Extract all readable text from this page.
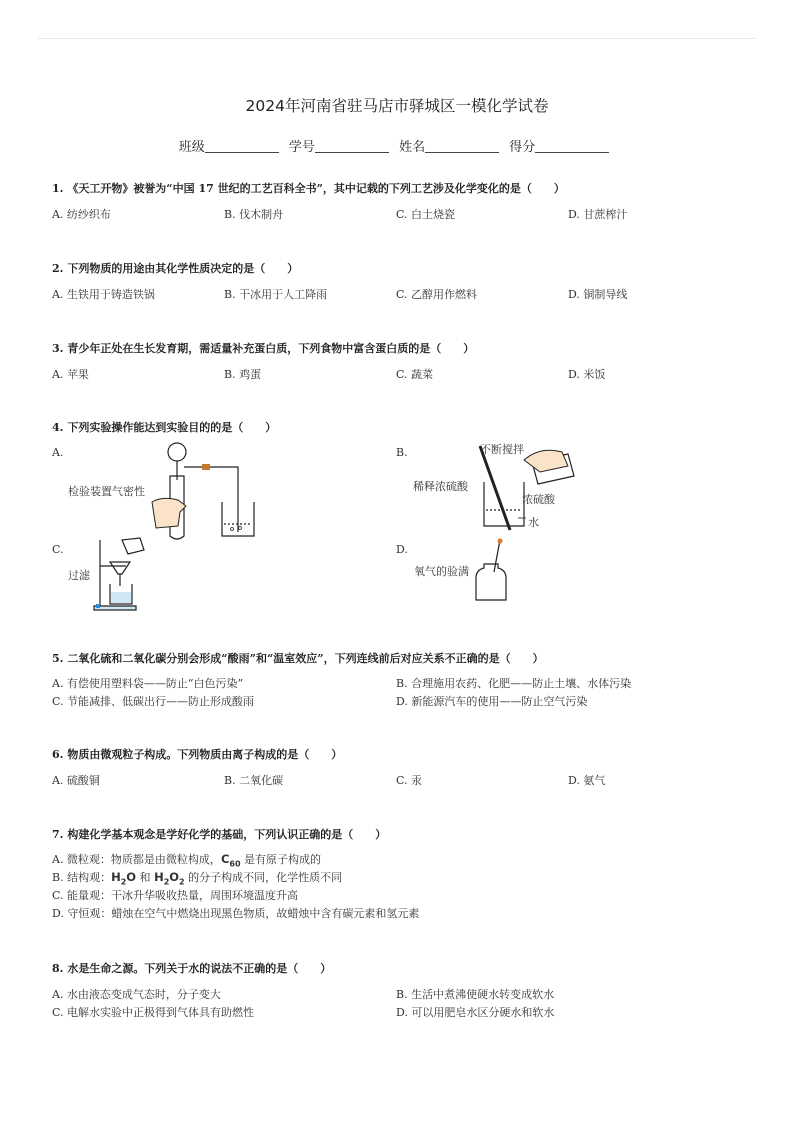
2024年河南省驻马店市驿城区一模化学试卷
班级	学号	姓名	得分
1. 《天工开物》被誉为“中国 17 世纪的工艺百科全书”，其中记载的下列工艺涉及化学变化的是（　　）
A. 纺纱织布	B. 伐木制舟	C. 白土烧瓷	D. 甘蔗榨汁
2. 下列物质的用途由其化学性质决定的是（　　）
A. 生铁用于铸造铁锅	B. 干冰用于人工降雨	C. 乙醇用作燃料	D. 铜制导线
3. 青少年正处在生长发育期，需适量补充蛋白质，下列食物中富含蛋白质的是（　　）
A. 苹果	B. 鸡蛋	C. 蔬菜	D. 米饭
4. 下列实验操作能达到实验目的的是（　　）
A.	B.
C.	D.
检验装置气密性
不断搅拌
稀释浓硫酸
浓硫酸
水
过滤	氧气的验满
5. 二氧化硫和二氧化碳分别会形成“酸雨”和“温室效应”，下列连线前后对应关系不正确的是（　　）
A. 有偿使用塑料袋——防止“白色污染”	B. 合理施用农药、化肥——防止土壤、水体污染
C. 节能减排、低碳出行——防止形成酸雨	D. 新能源汽车的使用——防止空气污染
6. 物质由微观粒子构成。下列物质由离子构成的是（　　）
A. 硫酸铜	B. 二氧化碳	C. 汞	D. 氨气
7. 构建化学基本观念是学好化学的基础，下列认识正确的是（　　）
A. 微粒观：物质都是由微粒构成，$C_{60}$ 是有原子构成的
B. 结构观：$H_2O$ 和 $H_2O_2$ 的分子构成不同，化学性质不同
C. 能量观：干冰升华吸收热量，周围环境温度升高
D. 守恒观：蜡烛在空气中燃烧出现黑色物质，故蜡烛中含有碳元素和氢元素
8. 水是生命之源。下列关于水的说法不正确的是（　　）
A. 水由液态变成气态时，分子变大	B. 生活中煮沸使硬水转变成软水
C. 电解水实验中正极得到气体具有助燃性	D. 可以用肥皂水区分硬水和软水
